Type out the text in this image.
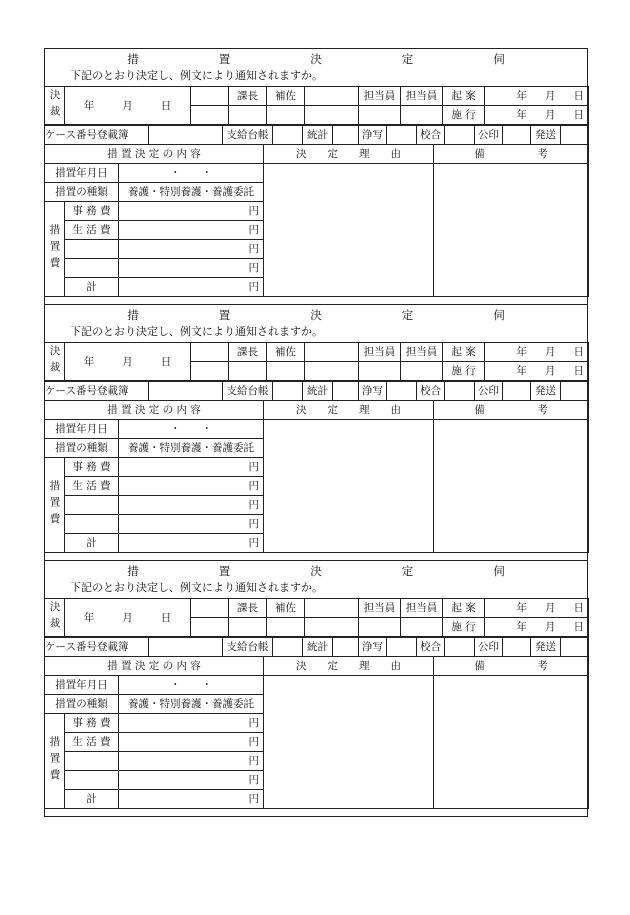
措	置	決	定	伺
下記のとおり決定し、例文により通知されますか。
決裁	年 月 日		課長	補佐		担当員	担当員	起 案	年 月 日
								施 行	年 月 日
ケース番号登載簿		支給台帳		統計		浄写		校合		公印		発送	
措 置 決 定 の 内 容			決　　定　　理　　由	備　　　　　考
措置年月日		・　　・		
措置の種類		養護・特別養護・養護委託		
措置費	事 務 費	円		
	生 活 費	円		
		円		
		円		
	計	円		
措	置	決	定	伺
下記のとおり決定し、例文により通知されますか。
決裁	年 月 日		課長	補佐		担当員	担当員	起 案	年 月 日
								施 行	年 月 日
ケース番号登載簿		支給台帳		統計		浄写		校合		公印		発送	
措 置 決 定 の 内 容			決　　定　　理　　由	備　　　　　考
措置年月日		・　　・		
措置の種類		養護・特別養護・養護委託		
措置費	事 務 費	円		
	生 活 費	円		
		円		
		円		
	計	円		
措	置	決	定	伺
下記のとおり決定し、例文により通知されますか。
決裁	年 月 日		課長	補佐		担当員	担当員	起 案	年 月 日
								施 行	年 月 日
ケース番号登載簿		支給台帳		統計		浄写		校合		公印		発送	
措 置 決 定 の 内 容			決　　定　　理　　由	備　　　　　考
措置年月日		・　　・		
措置の種類		養護・特別養護・養護委託		
措置費	事 務 費	円		
	生 活 費	円		
		円		
		円		
	計	円		
